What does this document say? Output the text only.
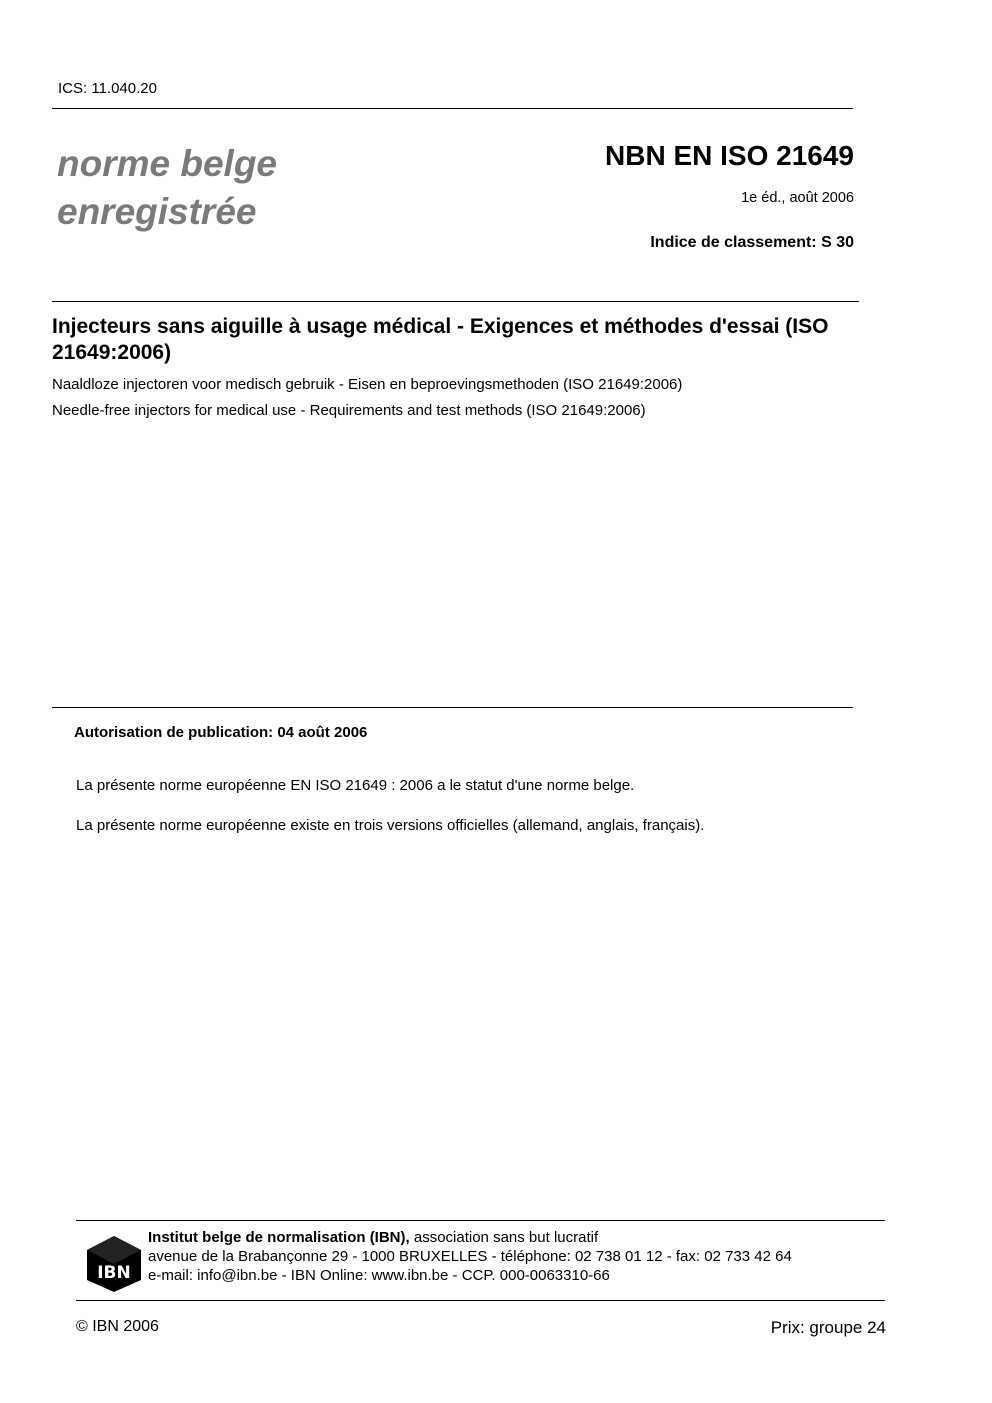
ICS: 11.040.20
norme belge
enregistrée
NBN EN ISO 21649
1e éd., août 2006
Indice de classement: S 30
Injecteurs sans aiguille à usage médical - Exigences et méthodes d'essai (ISO 21649:2006)
Naaldloze injectoren voor medisch gebruik - Eisen en beproevingsmethoden (ISO 21649:2006)
Needle-free injectors for medical use - Requirements and test methods (ISO 21649:2006)
Autorisation de publication: 04 août 2006
La présente norme européenne EN ISO 21649 : 2006 a le statut d'une norme belge.
La présente norme européenne existe en trois versions officielles (allemand, anglais, français).
IBN
Institut belge de normalisation (IBN), association sans but lucratif
avenue de la Brabançonne 29 - 1000 BRUXELLES - téléphone: 02 738 01 12 - fax: 02 733 42 64
e-mail: info@ibn.be - IBN Online: www.ibn.be - CCP. 000-0063310-66
© IBN 2006	Prix: groupe 24
